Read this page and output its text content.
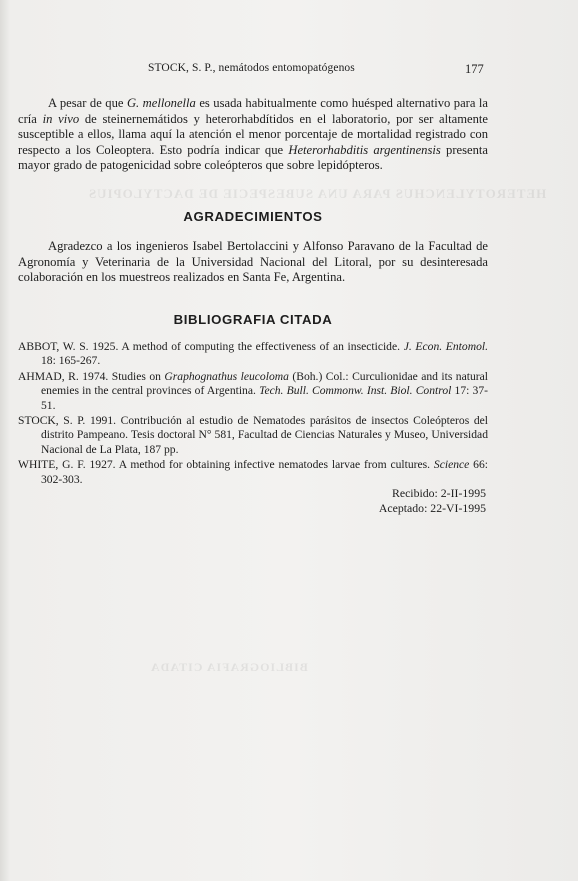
HETEROTYLENCHUS PARA UNA SUBESPECIE DE DACTYLOPIUS
BIBLIOGRAFIA CITADA
STOCK, S. P., nemátodos entomopatógenos	177

A pesar de que G. mellonella es usada habitualmente como huésped alternativo para la cría in vivo de steinernemátidos y heterorhabdítidos en el laboratorio, por ser altamente susceptible a ellos, llama aquí la atención el menor porcentaje de mortalidad registrado con respecto a los Coleoptera. Esto podría indicar que Heterorhabditis argentinensis presenta mayor grado de patogenicidad sobre coleópteros que sobre lepidópteros.

AGRADECIMIENTOS

Agradezco a los ingenieros Isabel Bertolaccini y Alfonso Paravano de la Facultad de Agronomía y Veterinaria de la Universidad Nacional del Litoral, por su desinteresada colaboración en los muestreos realizados en Santa Fe, Argentina.

BIBLIOGRAFIA CITADA
ABBOT, W. S. 1925. A method of computing the effectiveness of an insecticide. J. Econ. Entomol. 18: 165-267.
AHMAD, R. 1974. Studies on Graphognathus leucoloma (Boh.) Col.: Curculionidae and its natural enemies in the central provinces of Argentina. Tech. Bull. Commonw. Inst. Biol. Control 17: 37-51.
STOCK, S. P. 1991. Contribución al estudio de Nematodes parásitos de insectos Coleópteros del distrito Pampeano. Tesis doctoral N° 581, Facultad de Ciencias Naturales y Museo, Universidad Nacional de La Plata, 187 pp.
WHITE, G. F. 1927. A method for obtaining infective nematodes larvae from cultures. Science 66: 302-303.
Recibido: 2-II-1995
Aceptado: 22-VI-1995
